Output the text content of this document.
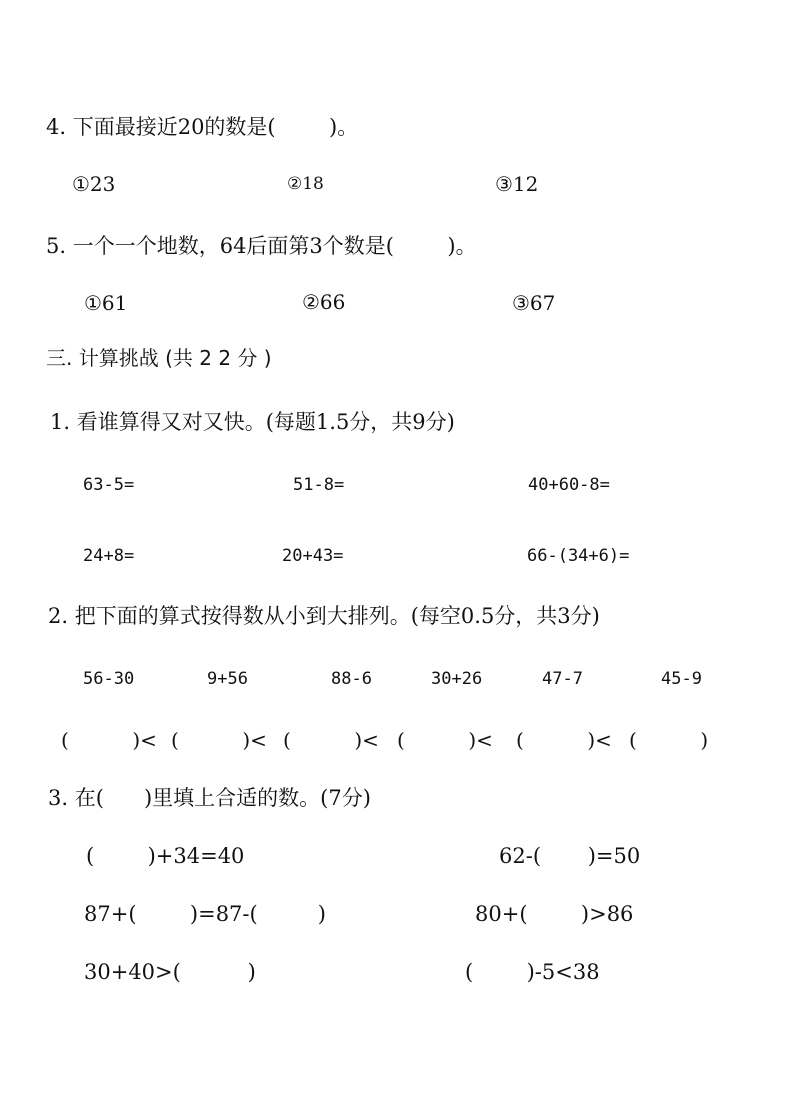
4. 下面最接近20的数是(        )。
①23	②18	③12
5. 一个一个地数，64后面第3个数是(        )。
①61	②66	③67
三. 计算挑战 (共 2 2 分 )
1. 看谁算得又对又快。(每题1.5分，共9分)
63-5=	51-8=	40+60-8=
24+8=	20+43=	66-(34+6)=
2. 把下面的算式按得数从小到大排列。(每空0.5分，共3分)
56-30	9+56	88-6	30+26	47-7	45-9
(          )< (          )< (          )< (          )< (          )< (          )
3. 在(      )里填上合适的数。(7分)
(        )+34=40	62-(       )=50
87+(        )=87-(         )	80+(        )>86
30+40>(          )	(        )-5<38
